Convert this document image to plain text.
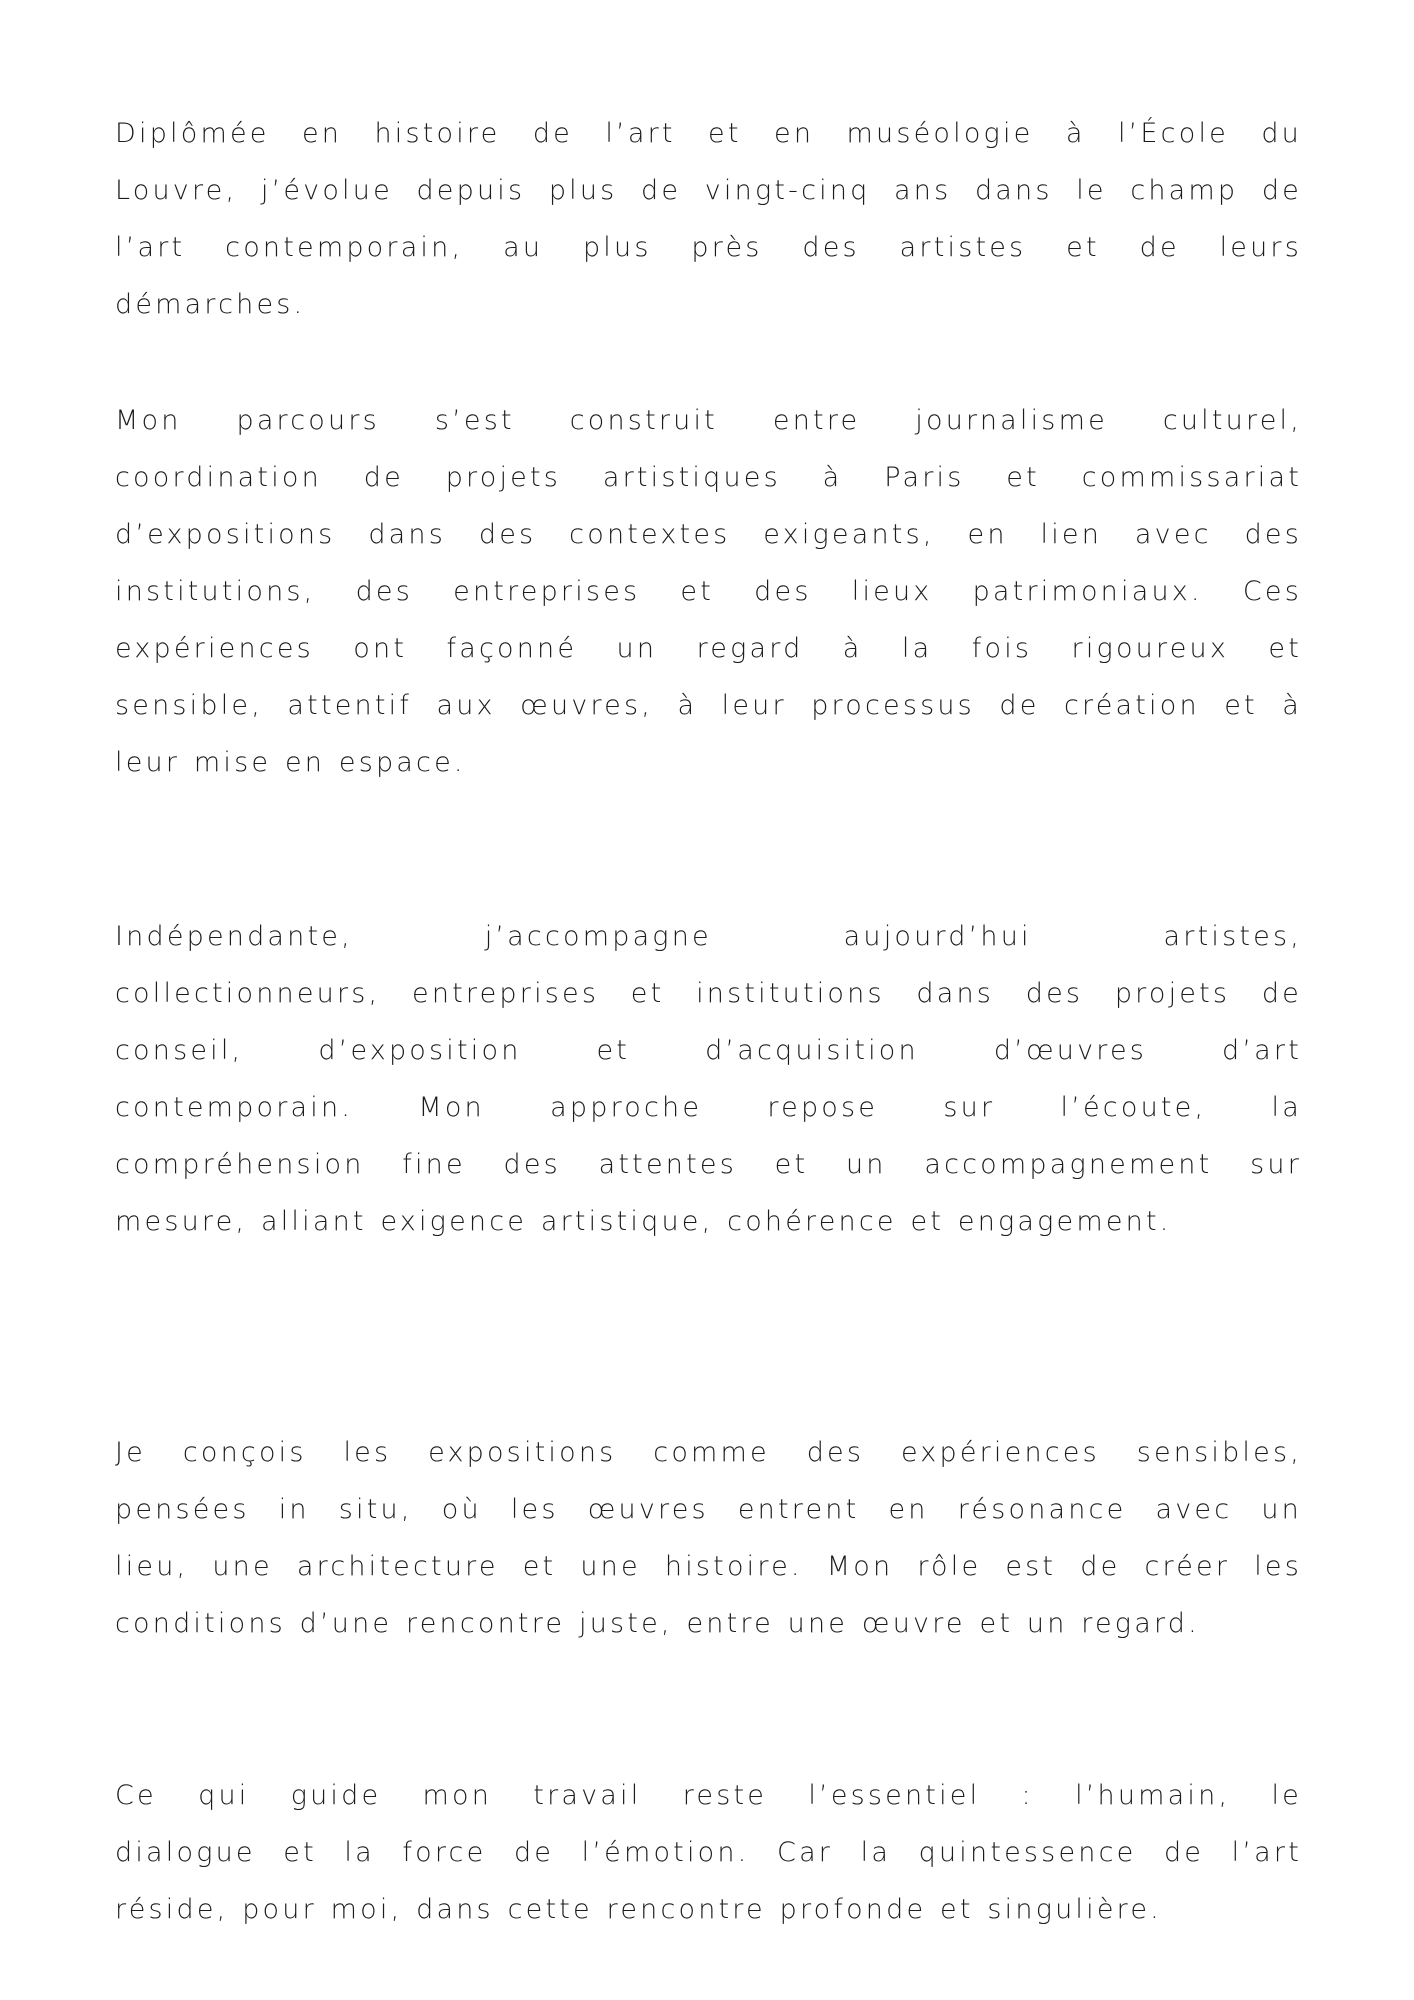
Diplômée en histoire de l’art et en muséologie à l’École du
Louvre, j’évolue depuis plus de vingt-cinq ans dans le champ de
l’art contemporain, au plus près des artistes et de leurs
démarches.

Mon parcours s’est construit entre journalisme culturel,
coordination de projets artistiques à Paris et commissariat
d’expositions dans des contextes exigeants, en lien avec des
institutions, des entreprises et des lieux patrimoniaux. Ces
expériences ont façonné un regard à la fois rigoureux et
sensible, attentif aux œuvres, à leur processus de création et à
leur mise en espace.

Indépendante, j’accompagne aujourd’hui artistes,
collectionneurs, entreprises et institutions dans des projets de
conseil, d’exposition et d’acquisition d’œuvres d’art
contemporain. Mon approche repose sur l’écoute, la
compréhension fine des attentes et un accompagnement sur
mesure, alliant exigence artistique, cohérence et engagement.

Je conçois les expositions comme des expériences sensibles,
pensées in situ, où les œuvres entrent en résonance avec un
lieu, une architecture et une histoire. Mon rôle est de créer les
conditions d’une rencontre juste, entre une œuvre et un regard.

Ce qui guide mon travail reste l’essentiel : l’humain, le
dialogue et la force de l’émotion. Car la quintessence de l’art
réside, pour moi, dans cette rencontre profonde et singulière.
